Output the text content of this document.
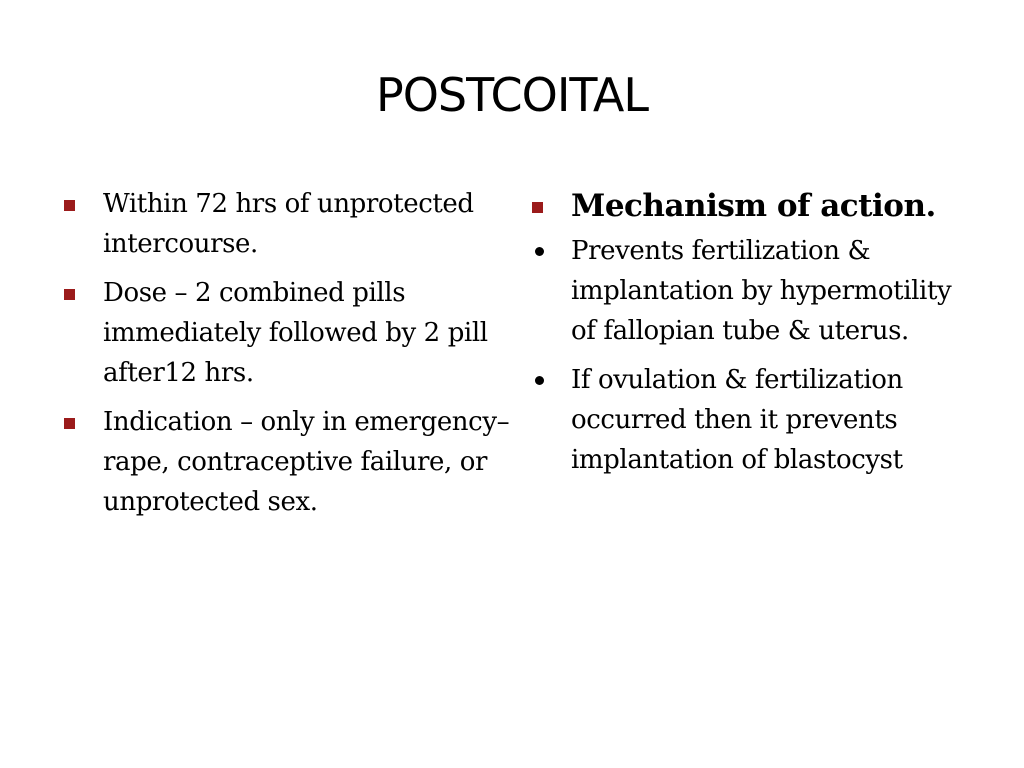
POSTCOITAL
Within 72 hrs of unprotected intercourse.
Dose – 2 combined pills immediately followed by 2 pill after12 hrs.
Indication – only in emergency– rape, contraceptive failure, or unprotected sex.
Mechanism of action.
Prevents fertilization & implantation by hypermotility of fallopian tube & uterus.
If ovulation & fertilization occurred then it prevents implantation of blastocyst
